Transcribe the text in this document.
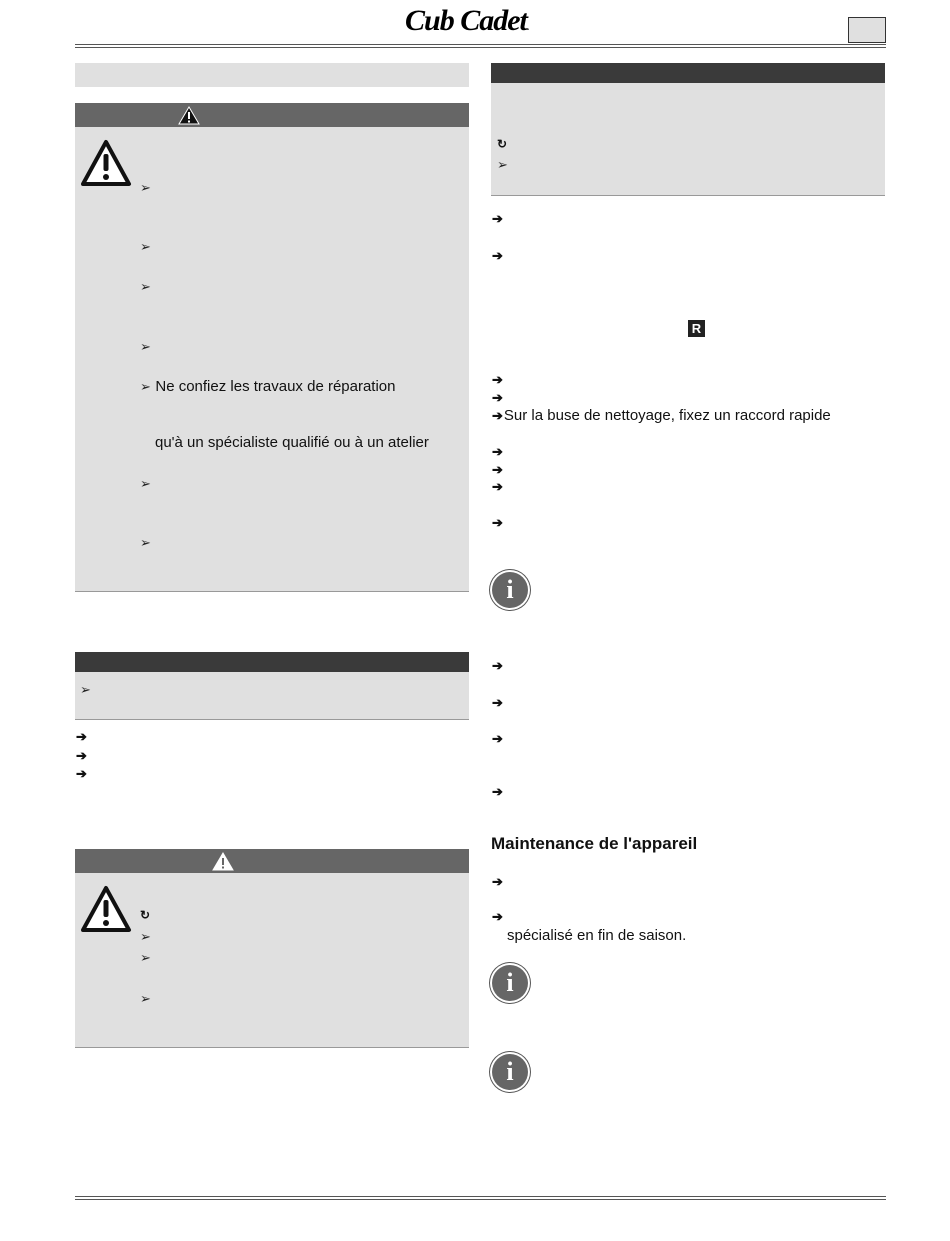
Cub Cadet.
➢
➢
➢
➢
➢ Ne confiez les travaux de réparation
qu'à un spécialiste qualifié ou à un atelier
➢
➢
➢
➔
➔
➔
↻
➢
➢
➢
↻
➢
➔
➔
R
➔
➔
➔Sur la buse de nettoyage, fixez un raccord rapide
➔
➔
➔
➔
i
➔
➔
➔
➔
Maintenance de l'appareil
➔
➔
spécialisé en fin de saison.
i
i
